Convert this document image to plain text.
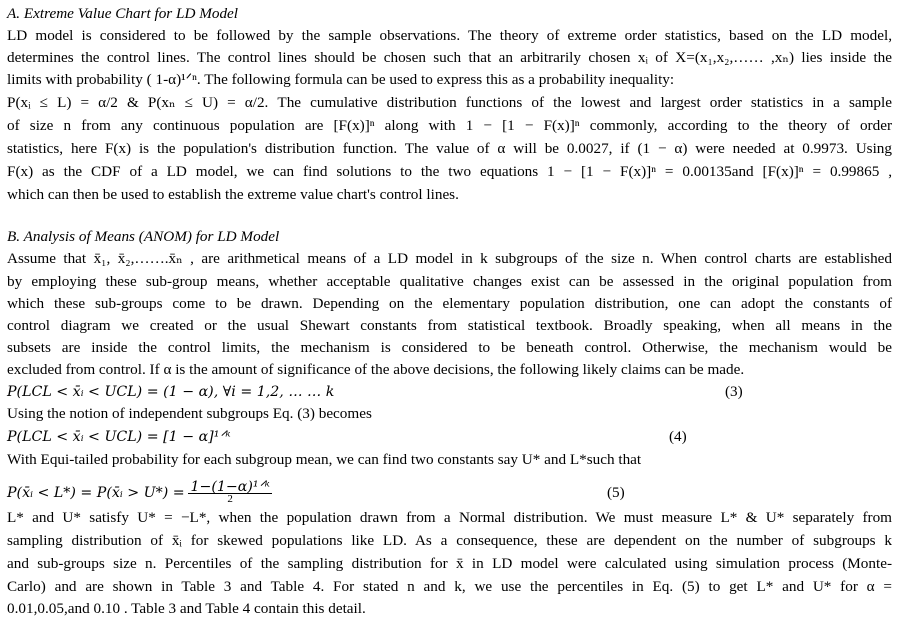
A. Extreme Value Chart for LD Model
LD model is considered to be followed by the sample observations. The theory of extreme order statistics, based on the LD model,
determines the control lines. The control lines should be chosen such that an arbitrarily chosen xᵢ of X=(x₁,x₂,…… ,xₙ) lies inside the
limits with probability ( 1-α)¹ᐟⁿ. The following formula can be used to express this as a probability inequality:
P(xᵢ ≤ L) = α/2 & P(xₙ ≤ U) = α/2. The cumulative distribution functions of the lowest and largest order statistics in a sample
of size n from any continuous population are [F(x)]ⁿ along with 1 − [1 − F(x)]ⁿ commonly, according to the theory of order
statistics, here F(x) is the population's distribution function. The value of α will be 0.0027, if (1 − α) were needed at 0.9973. Using
F(x) as the CDF of a LD model, we can find solutions to the two equations 1 − [1 − F(x)]ⁿ = 0.00135and [F(x)]ⁿ = 0.99865 ,
which can then be used to establish the extreme value chart's control lines.
B. Analysis of Means (ANOM) for LD Model
Assume that x̄₁, x̄₂,…….x̄ₙ , are arithmetical means of a LD model in k subgroups of the size n. When control charts are established
by employing these sub-group means, whether acceptable qualitative changes exist can be assessed in the original population from
which these sub-groups come to be drawn. Depending on the elementary population distribution, one can adopt the constants of
control diagram we created or the usual Shewart constants from statistical textbook. Broadly speaking, when all means in the
subsets are inside the control limits, the mechanism is considered to be beneath control. Otherwise, the mechanism would be
excluded from control. If α is the amount of significance of the above decisions, the following likely claims can be made.
P(LCL < x̄ᵢ < UCL) = (1 − α), ∀i = 1,2, … … k	(3)
Using the notion of independent subgroups Eq. (3) becomes
P(LCL < x̄ᵢ < UCL) = [1 − α]¹ᐟᵏ	(4)
With Equi-tailed probability for each subgroup mean, we can find two constants say U* and L*such that
P(x̄ᵢ < L*) = P(x̄ᵢ > $U*) = \frac{\text{1−(1−α)¹ᐟᵏ}}{2}$	(5)
L* and U* satisfy U* = −L*, when the population drawn from a Normal distribution. We must measure L* & U* separately from
sampling distribution of x̄ᵢ for skewed populations like LD. As a consequence, these are dependent on the number of subgroups k
and sub-groups size n. Percentiles of the sampling distribution for x̄ in LD model were calculated using simulation process (Monte-
Carlo) and are shown in Table 3 and Table 4. For stated n and k, we use the percentiles in Eq. (5) to get L* and U* for α =
0.01,0.05,and 0.10 . Table 3 and Table 4 contain this detail.
